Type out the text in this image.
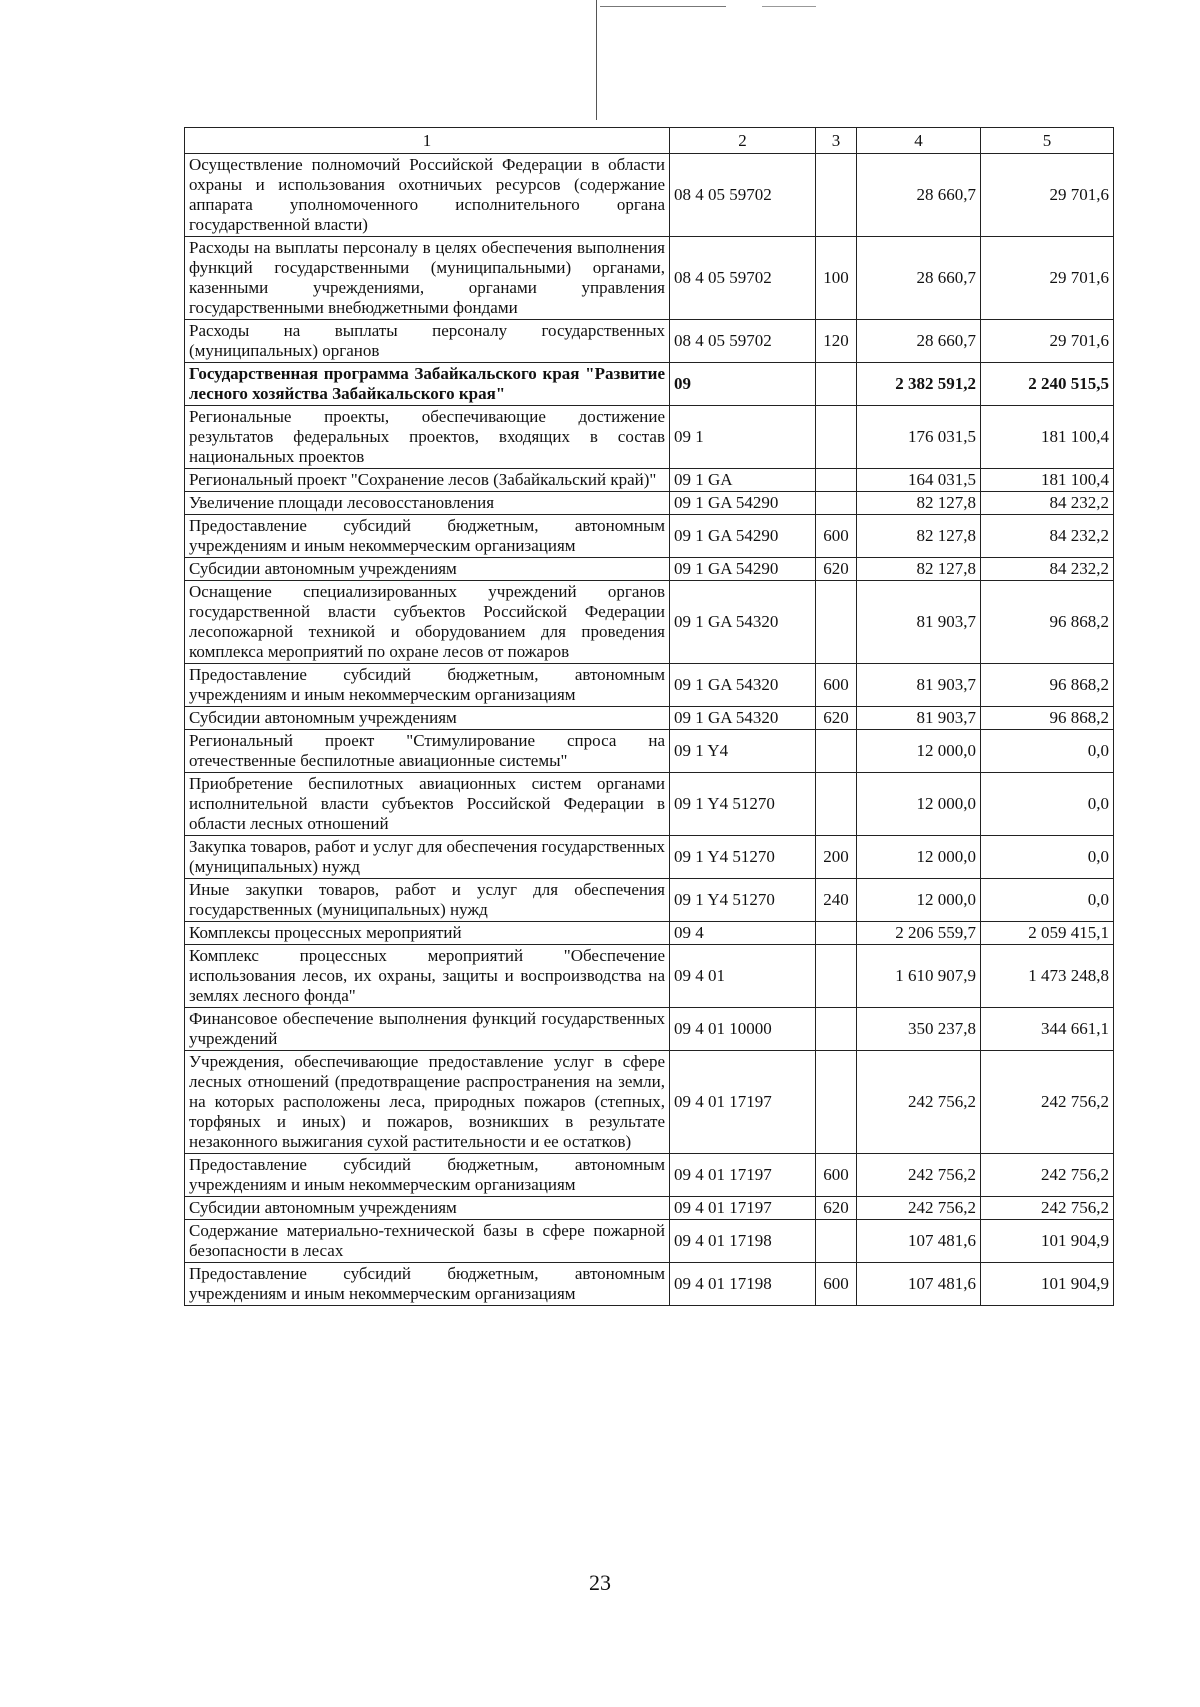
1	2	3	4	5
Осуществление полномочий Российской Федерации в области охраны и использования охотничьих ресурсов (содержание аппарата уполномоченного исполнительного органа государственной власти)	08 4 05 59702		28 660,7	29 701,6
Расходы на выплаты персоналу в целях обеспечения выполнения функций государственными (муниципальными) органами, казенными учреждениями, органами управления государственными внебюджетными фондами	08 4 05 59702	100	28 660,7	29 701,6
Расходы на выплаты персоналу государственных (муниципальных) органов	08 4 05 59702	120	28 660,7	29 701,6
Государственная программа Забайкальского края "Развитие лесного хозяйства Забайкальского края"	09		2 382 591,2	2 240 515,5
Региональные проекты, обеспечивающие достижение результатов федеральных проектов, входящих в состав национальных проектов	09 1		176 031,5	181 100,4
Региональный проект "Сохранение лесов (Забайкальский край)"	09 1 GA		164 031,5	181 100,4
Увеличение площади лесовосстановления	09 1 GA 54290		82 127,8	84 232,2
Предоставление субсидий бюджетным, автономным учреждениям и иным некоммерческим организациям	09 1 GA 54290	600	82 127,8	84 232,2
Субсидии автономным учреждениям	09 1 GA 54290	620	82 127,8	84 232,2
Оснащение специализированных учреждений органов государственной власти субъектов Российской Федерации лесопожарной техникой и оборудованием для проведения комплекса мероприятий по охране лесов от пожаров	09 1 GA 54320		81 903,7	96 868,2
Предоставление субсидий бюджетным, автономным учреждениям и иным некоммерческим организациям	09 1 GA 54320	600	81 903,7	96 868,2
Субсидии автономным учреждениям	09 1 GA 54320	620	81 903,7	96 868,2
Региональный проект "Стимулирование спроса на отечественные беспилотные авиационные системы"	09 1 Y4		12 000,0	0,0
Приобретение беспилотных авиационных систем органами исполнительной власти субъектов Российской Федерации в области лесных отношений	09 1 Y4 51270		12 000,0	0,0
Закупка товаров, работ и услуг для обеспечения государственных (муниципальных) нужд	09 1 Y4 51270	200	12 000,0	0,0
Иные закупки товаров, работ и услуг для обеспечения государственных (муниципальных) нужд	09 1 Y4 51270	240	12 000,0	0,0
Комплексы процессных мероприятий	09 4		2 206 559,7	2 059 415,1
Комплекс процессных мероприятий "Обеспечение использования лесов, их охраны, защиты и воспроизводства на землях лесного фонда"	09 4 01		1 610 907,9	1 473 248,8
Финансовое обеспечение выполнения функций государственных учреждений	09 4 01 10000		350 237,8	344 661,1
Учреждения, обеспечивающие предоставление услуг в сфере лесных отношений (предотвращение распространения на земли, на которых расположены леса, природных пожаров (степных, торфяных и иных) и пожаров, возникших в результате незаконного выжигания сухой растительности и ее остатков)	09 4 01 17197		242 756,2	242 756,2
Предоставление субсидий бюджетным, автономным учреждениям и иным некоммерческим организациям	09 4 01 17197	600	242 756,2	242 756,2
Субсидии автономным учреждениям	09 4 01 17197	620	242 756,2	242 756,2
Содержание материально-технической базы в сфере пожарной безопасности в лесах	09 4 01 17198		107 481,6	101 904,9
Предоставление субсидий бюджетным, автономным учреждениям и иным некоммерческим организациям	09 4 01 17198	600	107 481,6	101 904,9
23
